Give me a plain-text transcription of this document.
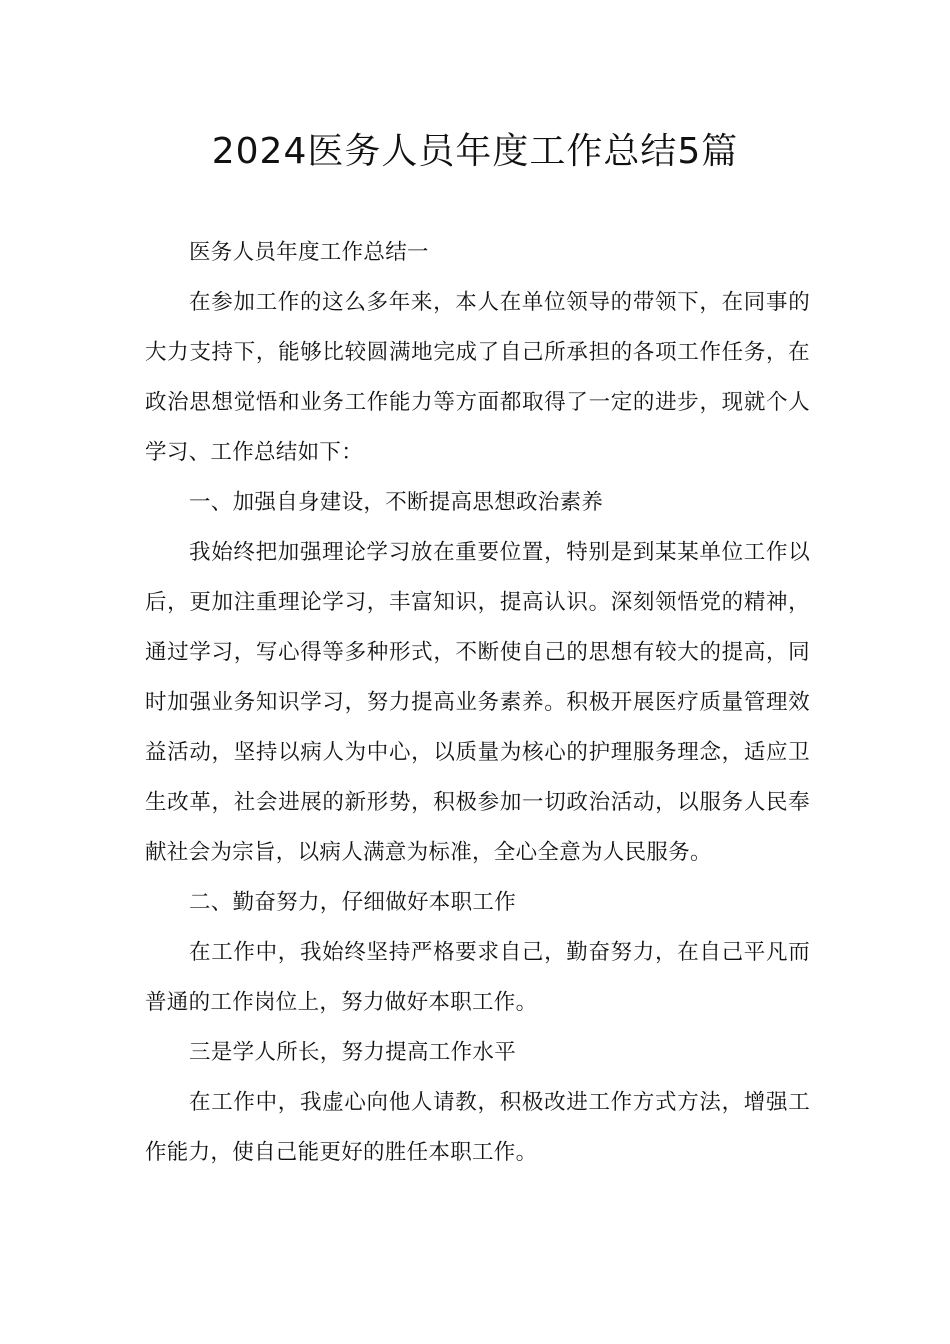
2024医务人员年度工作总结5篇

医务人员年度工作总结一

在参加工作的这么多年来，本人在单位领导的带领下，在同事的大力支持下，能够比较圆满地完成了自己所承担的各项工作任务，在政治思想觉悟和业务工作能力等方面都取得了一定的进步，现就个人学习、工作总结如下：

一、加强自身建设，不断提高思想政治素养

我始终把加强理论学习放在重要位置，特别是到某某单位工作以后，更加注重理论学习，丰富知识，提高认识。深刻领悟党的精神，通过学习，写心得等多种形式，不断使自己的思想有较大的提高，同时加强业务知识学习，努力提高业务素养。积极开展医疗质量管理效益活动，坚持以病人为中心，以质量为核心的护理服务理念，适应卫生改革，社会进展的新形势，积极参加一切政治活动，以服务人民奉献社会为宗旨，以病人满意为标准，全心全意为人民服务。

二、勤奋努力，仔细做好本职工作

在工作中，我始终坚持严格要求自己，勤奋努力，在自己平凡而普通的工作岗位上，努力做好本职工作。

三是学人所长，努力提高工作水平

在工作中，我虚心向他人请教，积极改进工作方式方法，增强工作能力，使自己能更好的胜任本职工作。
